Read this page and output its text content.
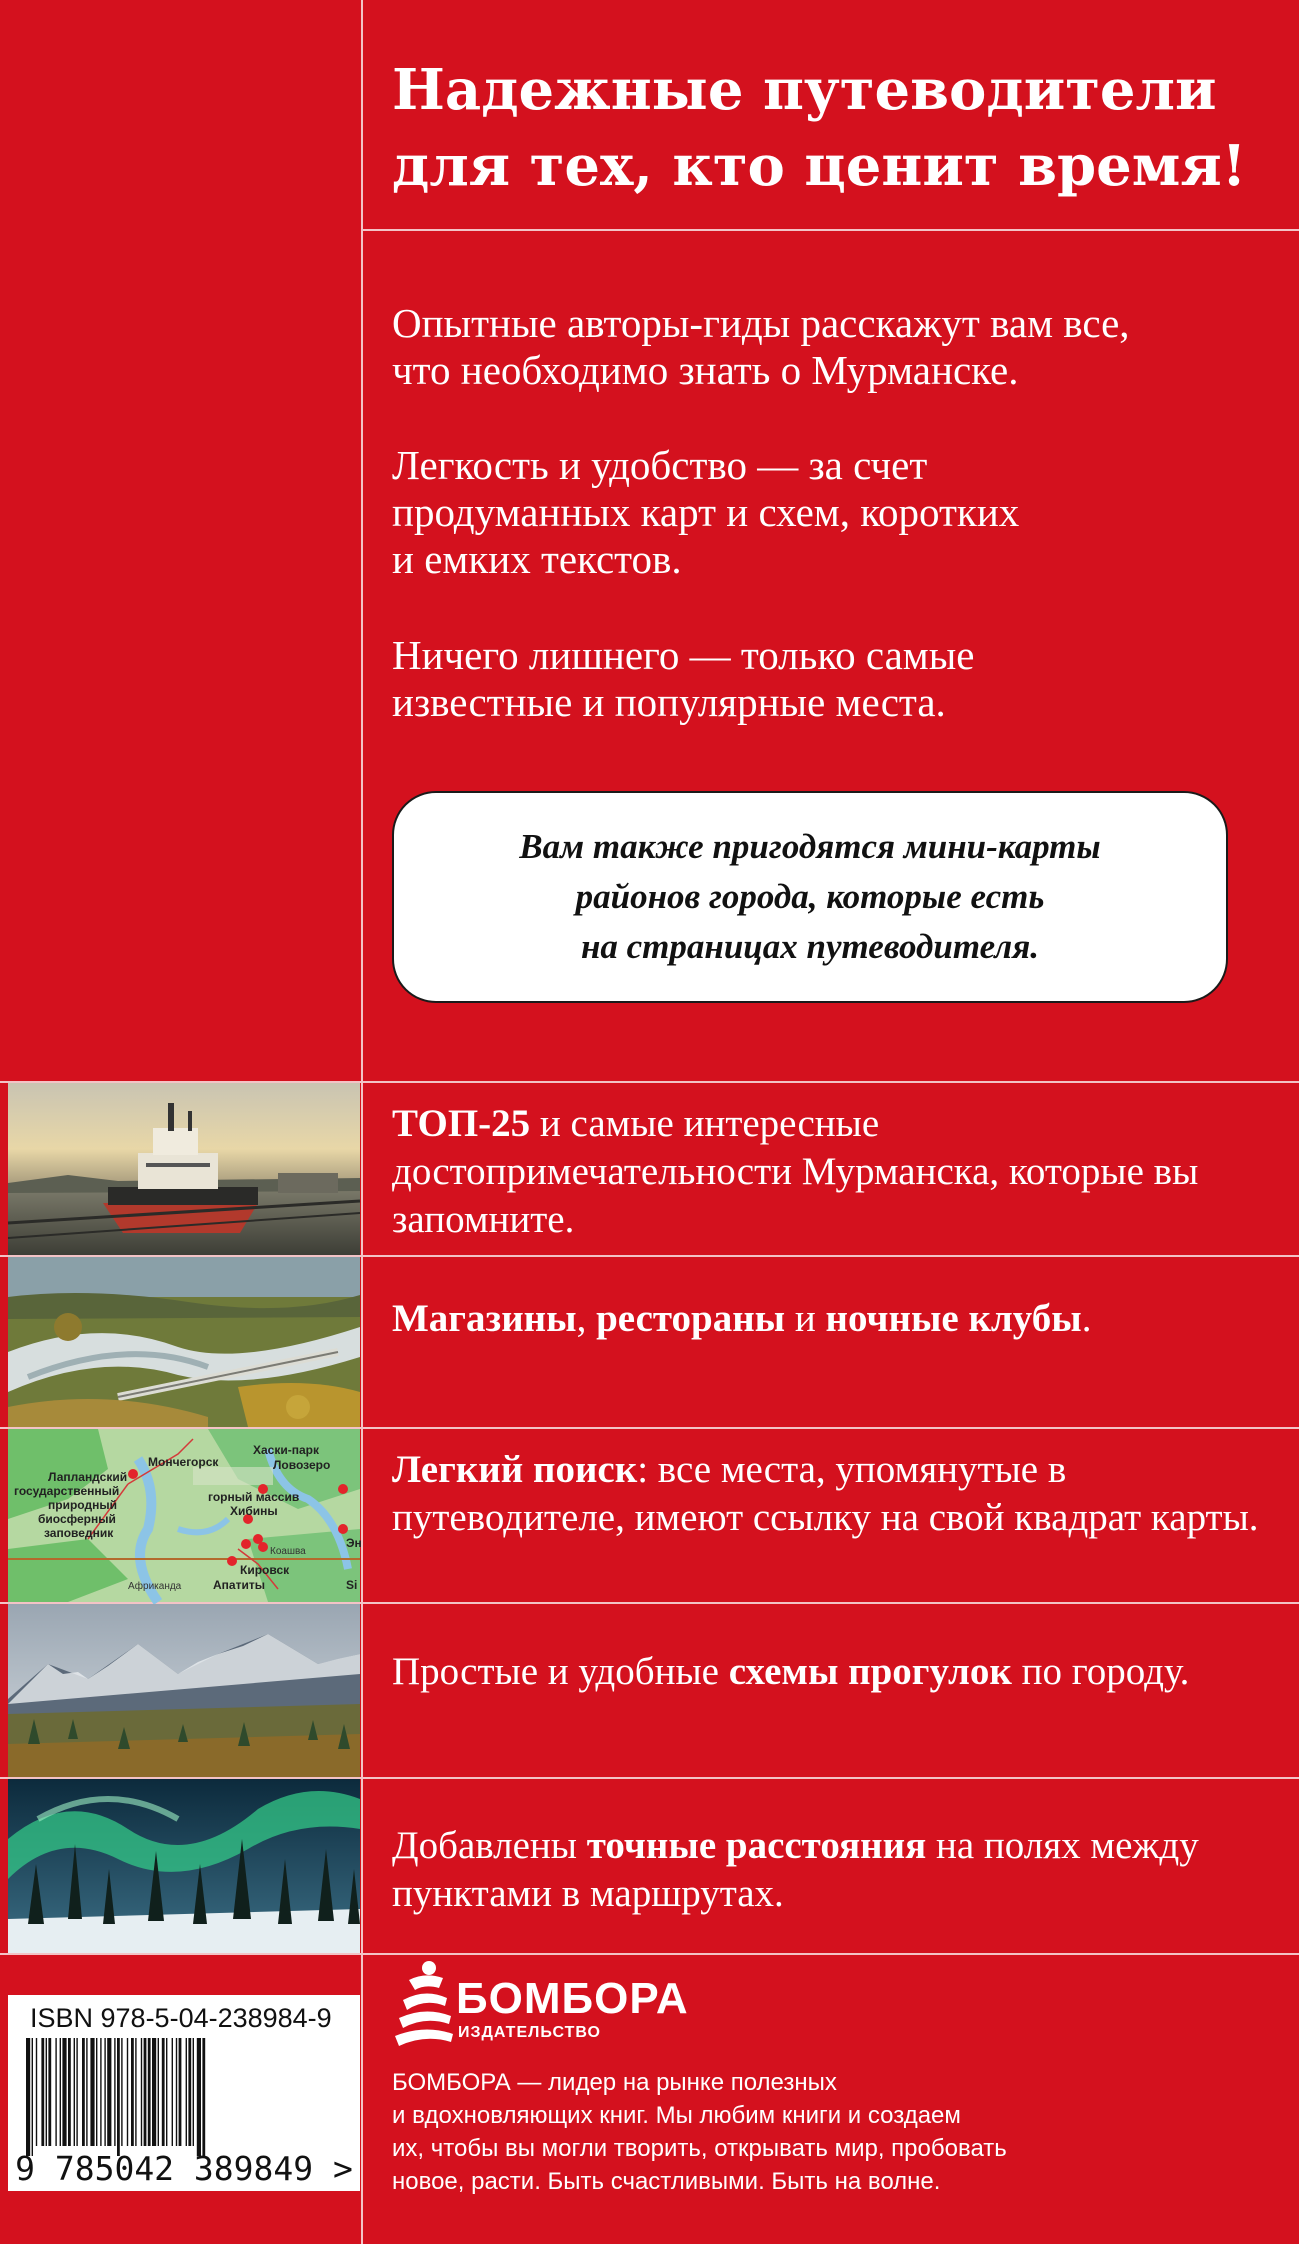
Надежные путеводители
для тех, кто ценит время!
Опытные авторы-гиды расскажут вам все,
что необходимо знать о Мурманске.
Легкость и удобство — за счет
продуманных карт и схем, коротких
и емких текстов.
Ничего лишнего — только самые
известные и популярные места.
Вам также пригодятся мини-карты
районов города, которые есть
на страницах путеводителя.
Лапландский
государственный
природный
биосферный
заповедник
Мончегорск
Хаски-парк
Ловозеро
горный массив
Хибины
Кировск
Апатиты
Коашва
Африканда
Эн
Si

ТОП-25 и самые интересные достопримечательности Мурманска, которые вы запомните.

Магазины, рестораны и ночные клубы.

Легкий поиск: все места, упомянутые в путеводителе, имеют ссылку на свой квадрат карты.

Простые и удобные схемы прогулок по городу.

Добавлены точные расстояния на полях между пунктами в маршрутах.

ISBN 978-5-04-238984-9
9 785042 389849 >
БОМБОРА
ИЗДАТЕЛЬСТВО
БОМБОРА — лидер на рынке полезных
и вдохновляющих книг. Мы любим книги и создаем
их, чтобы вы могли творить, открывать мир, пробовать
новое, расти. Быть счастливыми. Быть на волне.
